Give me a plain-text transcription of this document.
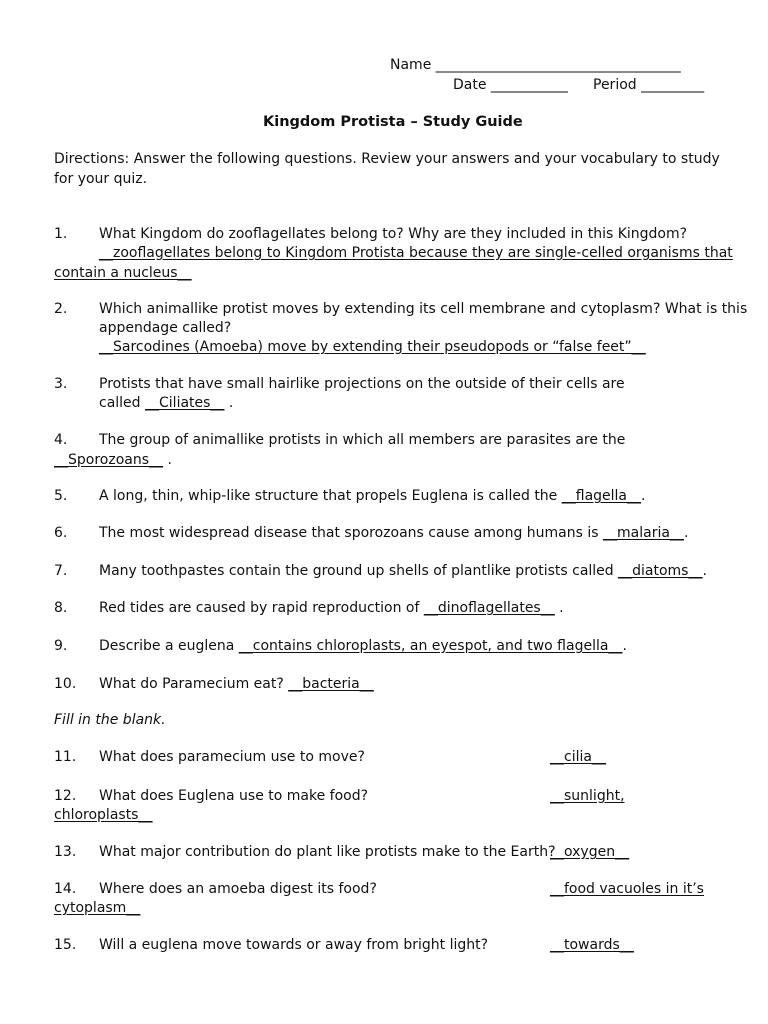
Name ___________________________________
Date ___________ Period _________
Kingdom Protista – Study Guide
Directions: Answer the following questions. Review your answers and your vocabulary to study
for your quiz.
1. What Kingdom do zooflagellates belong to? Why are they included in this Kingdom?
__zooflagellates belong to Kingdom Protista because they are single-celled organisms that
contain a nucleus__
2. Which animallike protist moves by extending its cell membrane and cytoplasm? What is this
appendage called?
__Sarcodines (Amoeba) move by extending their pseudopods or “false feet”__
3. Protists that have small hairlike projections on the outside of their cells are
called __Ciliates__ .
4. The group of animallike protists in which all members are parasites are the
__Sporozoans__ .
5. A long, thin, whip-like structure that propels Euglena is called the __flagella__.
6. The most widespread disease that sporozoans cause among humans is __malaria__.
7. Many toothpastes contain the ground up shells of plantlike protists called __diatoms__.
8. Red tides are caused by rapid reproduction of __dinoflagellates__ .
9. Describe a euglena __contains chloroplasts, an eyespot, and two flagella__.
10. What do Paramecium eat? __bacteria__
Fill in the blank.
11. What does paramecium use to move?	__cilia__
12. What does Euglena use to make food?	__sunlight,
chloroplasts__
13. What major contribution do plant like protists make to the Earth?
__oxygen__
14. Where does an amoeba digest its food?	__food vacuoles in it’s
cytoplasm__
15. Will a euglena move towards or away from bright light?	__towards__
